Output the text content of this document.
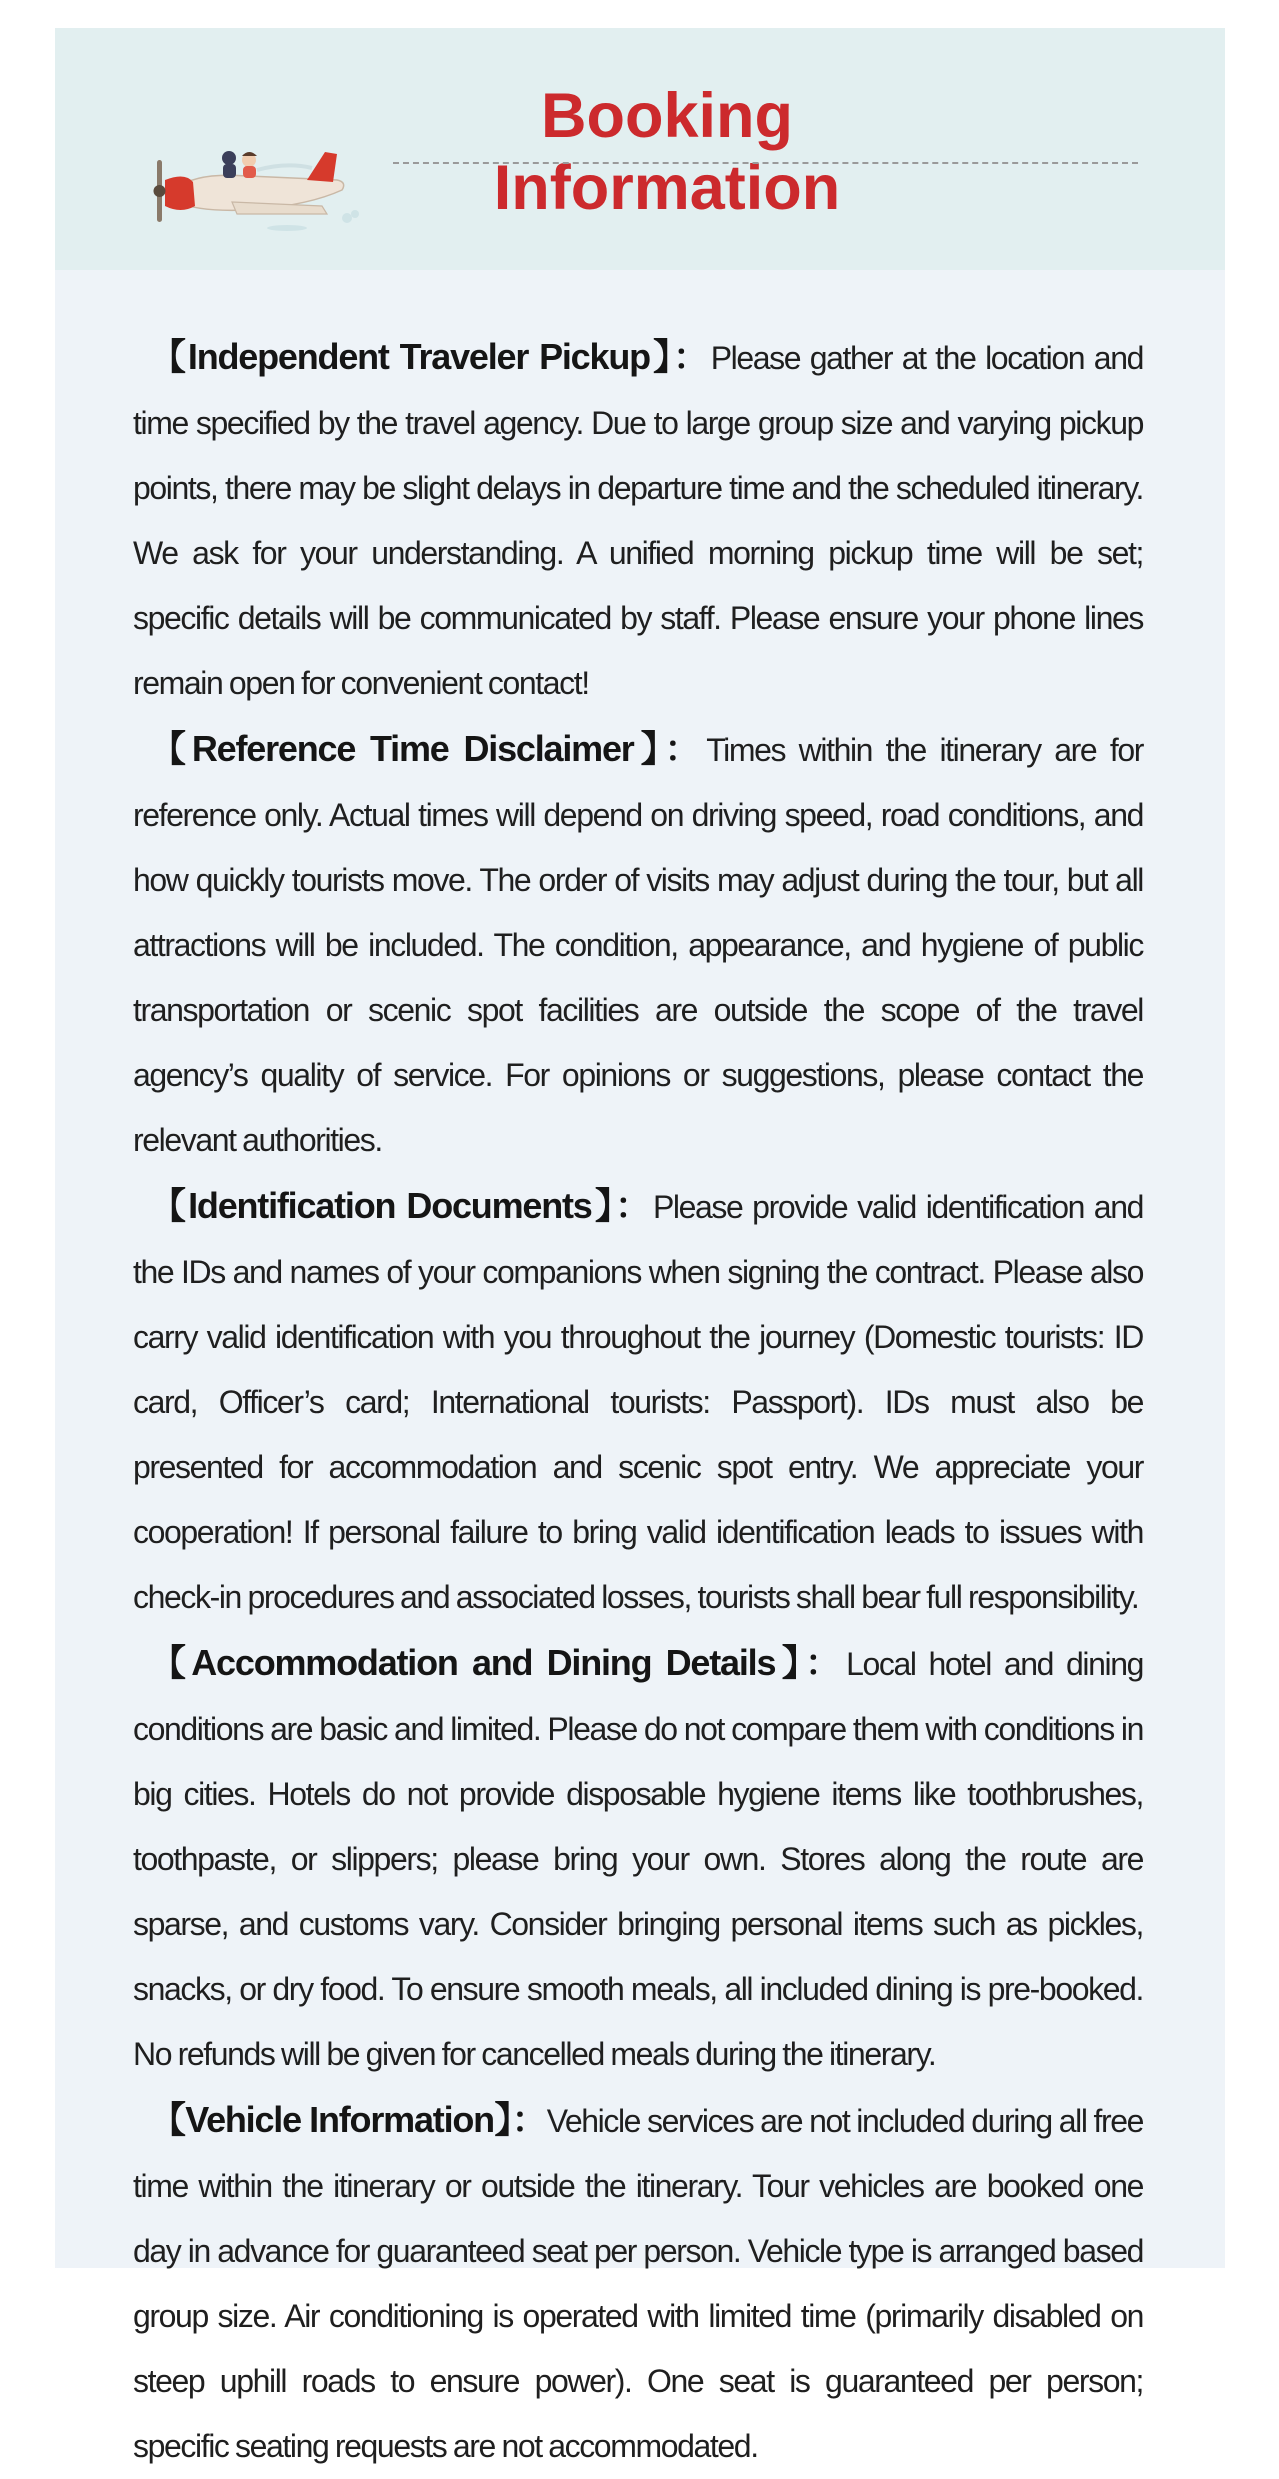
Booking Information

【Independent Traveler Pickup】：Please gather at the location and time specified by the travel agency. Due to large group size and varying pickup points, there may be slight delays in departure time and the scheduled itinerary. We ask for your understanding. A unified morning pickup time will be set; specific details will be communicated by staff. Please ensure your phone lines remain open for convenient contact!

【Reference Time Disclaimer】：Times within the itinerary are for reference only. Actual times will depend on driving speed, road conditions, and how quickly tourists move. The order of visits may adjust during the tour, but all attractions will be included. The condition, appearance, and hygiene of public transportation or scenic spot facilities are outside the scope of the travel agency’s quality of service. For opinions or suggestions, please contact the relevant authorities.

【Identification Documents】：Please provide valid identification and the IDs and names of your companions when signing the contract. Please also carry valid identification with you throughout the journey (Domestic tourists: ID card, Officer’s card; International tourists: Passport). IDs must also be presented for accommodation and scenic spot entry. We appreciate your cooperation! If personal failure to bring valid identification leads to issues with check-in procedures and associated losses, tourists shall bear full responsibility.

【Accommodation and Dining Details】：Local hotel and dining conditions are basic and limited. Please do not compare them with conditions in big cities. Hotels do not provide disposable hygiene items like toothbrushes, toothpaste, or slippers; please bring your own. Stores along the route are sparse, and customs vary. Consider bringing personal items such as pickles, snacks, or dry food. To ensure smooth meals, all included dining is pre-booked. No refunds will be given for cancelled meals during the itinerary.

【Vehicle Information】：Vehicle services are not included during all free time within the itinerary or outside the itinerary. Tour vehicles are booked one day in advance for guaranteed seat per person. Vehicle type is arranged based group size. Air conditioning is operated with limited time (primarily disabled on steep uphill roads to ensure power). One seat is guaranteed per person; specific seating requests are not accommodated.
